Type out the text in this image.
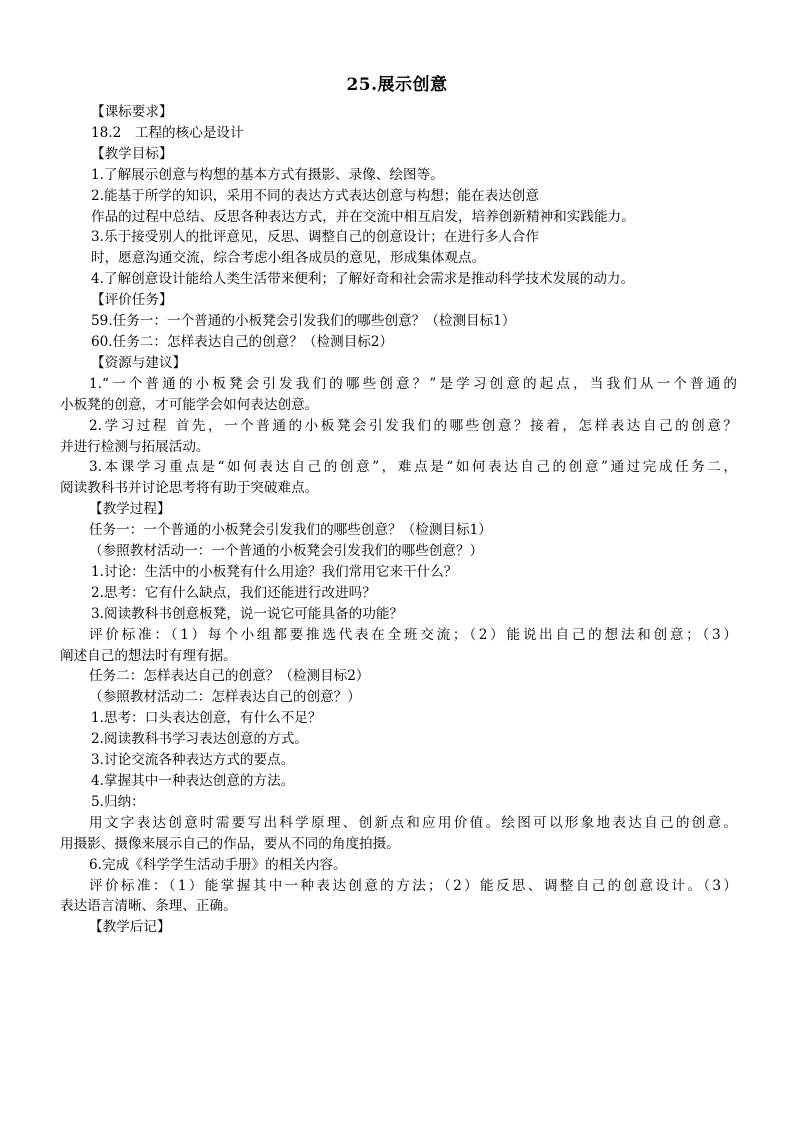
25.展示创意
【课标要求】
18.2　工程的核心是设计
【教学目标】
1.了解展示创意与构想的基本方式有摄影、录像、绘图等。
2.能基于所学的知识，采用不同的表达方式表达创意与构想；能在表达创意
作品的过程中总结、反思各种表达方式，并在交流中相互启发，培养创新精神和实践能力。
3.乐于接受别人的批评意见，反思、调整自己的创意设计；在进行多人合作
时，愿意沟通交流，综合考虑小组各成员的意见，形成集体观点。
4.了解创意设计能给人类生活带来便利；了解好奇和社会需求是推动科学技术发展的动力。
【评价任务】
59.任务一：一个普通的小板凳会引发我们的哪些创意？（检测目标1）
60.任务二：怎样表达自己的创意？（检测目标2）
【资源与建议】
1.“一个普通的小板凳会引发我们的哪些创意？”是学习创意的起点，当我们从一个普通的
小板凳的创意，才可能学会如何表达创意。
2.学习过程 首先，一个普通的小板凳会引发我们的哪些创意？接着，怎样表达自己的创意？
并进行检测与拓展活动。
3.本课学习重点是“如何表达自己的创意”，难点是“如何表达自己的创意”通过完成任务二，
阅读教科书并讨论思考将有助于突破难点。
【教学过程】
任务一：一个普通的小板凳会引发我们的哪些创意？（检测目标1）
（参照教材活动一：一个普通的小板凳会引发我们的哪些创意？）
1.讨论：生活中的小板凳有什么用途？我们常用它来干什么？
2.思考：它有什么缺点，我们还能进行改进吗？
3.阅读教科书创意板凳，说一说它可能具备的功能？
评价标准：（1）每个小组都要推选代表在全班交流；（2）能说出自己的想法和创意；（3）
阐述自己的想法时有理有据。
任务二：怎样表达自己的创意？（检测目标2）
（参照教材活动二：怎样表达自己的创意？）
1.思考：口头表达创意，有什么不足？
2.阅读教科书学习表达创意的方式。
3.讨论交流各种表达方式的要点。
4.掌握其中一种表达创意的方法。
5.归纳：
用文字表达创意时需要写出科学原理、创新点和应用价值。绘图可以形象地表达自己的创意。
用摄影、摄像来展示自己的作品，要从不同的角度拍摄。
6.完成《科学学生活动手册》的相关内容。
评价标准：（1）能掌握其中一种表达创意的方法；（2）能反思、调整自己的创意设计。（3）
表达语言清晰、条理、正确。
【教学后记】
